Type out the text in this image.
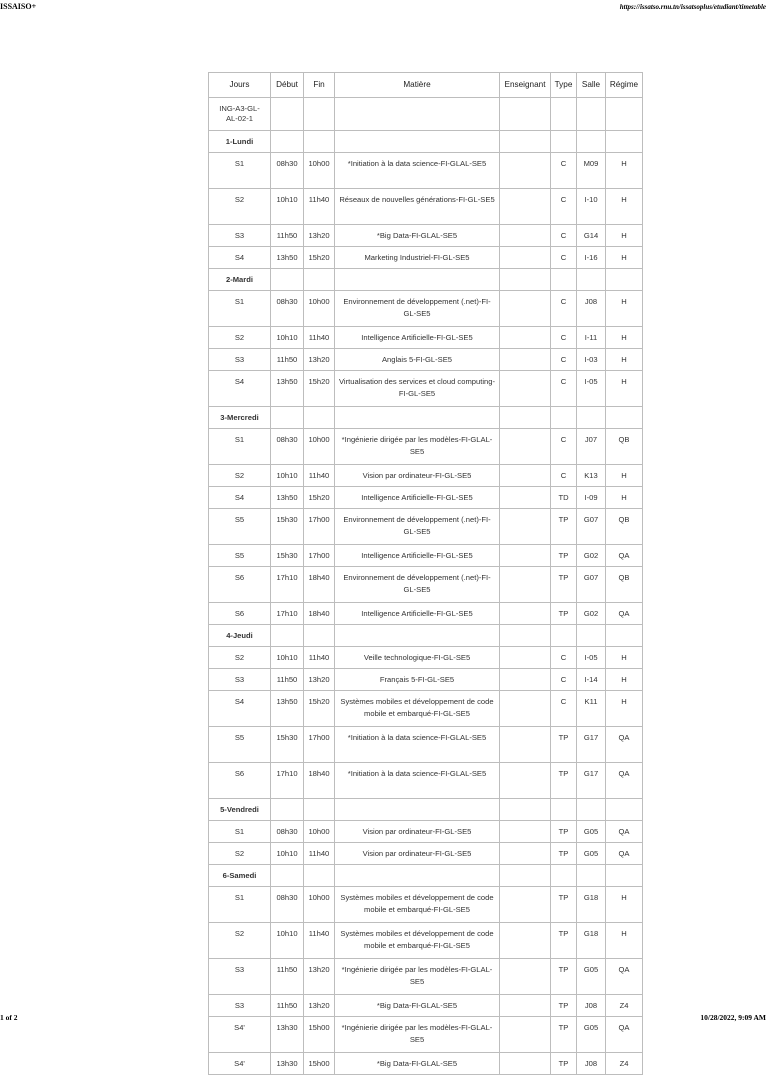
ISSAISO+	https://issatso.rnu.tn/issatsoplus/etudiant/timetable
Jours	Début	Fin	Matière	Enseignant	Type	Salle	Régime
ING-A3-GL-AL-02-1							
1-Lundi							
S1	08h30	10h00	*Initiation à la data science-FI-GLAL-SE5		C	M09	H
S2	10h10	11h40	Réseaux de nouvelles générations-FI-GL-SE5		C	I-10	H
S3	11h50	13h20	*Big Data-FI-GLAL-SE5		C	G14	H
S4	13h50	15h20	Marketing Industriel-FI-GL-SE5		C	I-16	H
2-Mardi							
S1	08h30	10h00	Environnement de développement (.net)-FI-GL-SE5		C	J08	H
S2	10h10	11h40	Intelligence Artificielle-FI-GL-SE5		C	I-11	H
S3	11h50	13h20	Anglais 5-FI-GL-SE5		C	I-03	H
S4	13h50	15h20	Virtualisation des services et cloud computing-FI-GL-SE5		C	I-05	H
3-Mercredi							
S1	08h30	10h00	*Ingénierie dirigée par les modèles-FI-GLAL-SE5		C	J07	QB
S2	10h10	11h40	Vision par ordinateur-FI-GL-SE5		C	K13	H
S4	13h50	15h20	Intelligence Artificielle-FI-GL-SE5		TD	I-09	H
S5	15h30	17h00	Environnement de développement (.net)-FI-GL-SE5		TP	G07	QB
S5	15h30	17h00	Intelligence Artificielle-FI-GL-SE5		TP	G02	QA
S6	17h10	18h40	Environnement de développement (.net)-FI-GL-SE5		TP	G07	QB
S6	17h10	18h40	Intelligence Artificielle-FI-GL-SE5		TP	G02	QA
4-Jeudi							
S2	10h10	11h40	Veille technologique-FI-GL-SE5		C	I-05	H
S3	11h50	13h20	Français 5-FI-GL-SE5		C	I-14	H
S4	13h50	15h20	Systèmes mobiles et développement de code mobile et embarqué-FI-GL-SE5		C	K11	H
S5	15h30	17h00	*Initiation à la data science-FI-GLAL-SE5		TP	G17	QA
S6	17h10	18h40	*Initiation à la data science-FI-GLAL-SE5		TP	G17	QA
5-Vendredi							
S1	08h30	10h00	Vision par ordinateur-FI-GL-SE5		TP	G05	QA
S2	10h10	11h40	Vision par ordinateur-FI-GL-SE5		TP	G05	QA
6-Samedi							
S1	08h30	10h00	Systèmes mobiles et développement de code mobile et embarqué-FI-GL-SE5		TP	G18	H
S2	10h10	11h40	Systèmes mobiles et développement de code mobile et embarqué-FI-GL-SE5		TP	G18	H
S3	11h50	13h20	*Ingénierie dirigée par les modèles-FI-GLAL-SE5		TP	G05	QA
S3	11h50	13h20	*Big Data-FI-GLAL-SE5		TP	J08	Z4
S4'	13h30	15h00	*Ingénierie dirigée par les modèles-FI-GLAL-SE5		TP	G05	QA
S4'	13h30	15h00	*Big Data-FI-GLAL-SE5		TP	J08	Z4
1 of 2	10/28/2022, 9:09 AM
